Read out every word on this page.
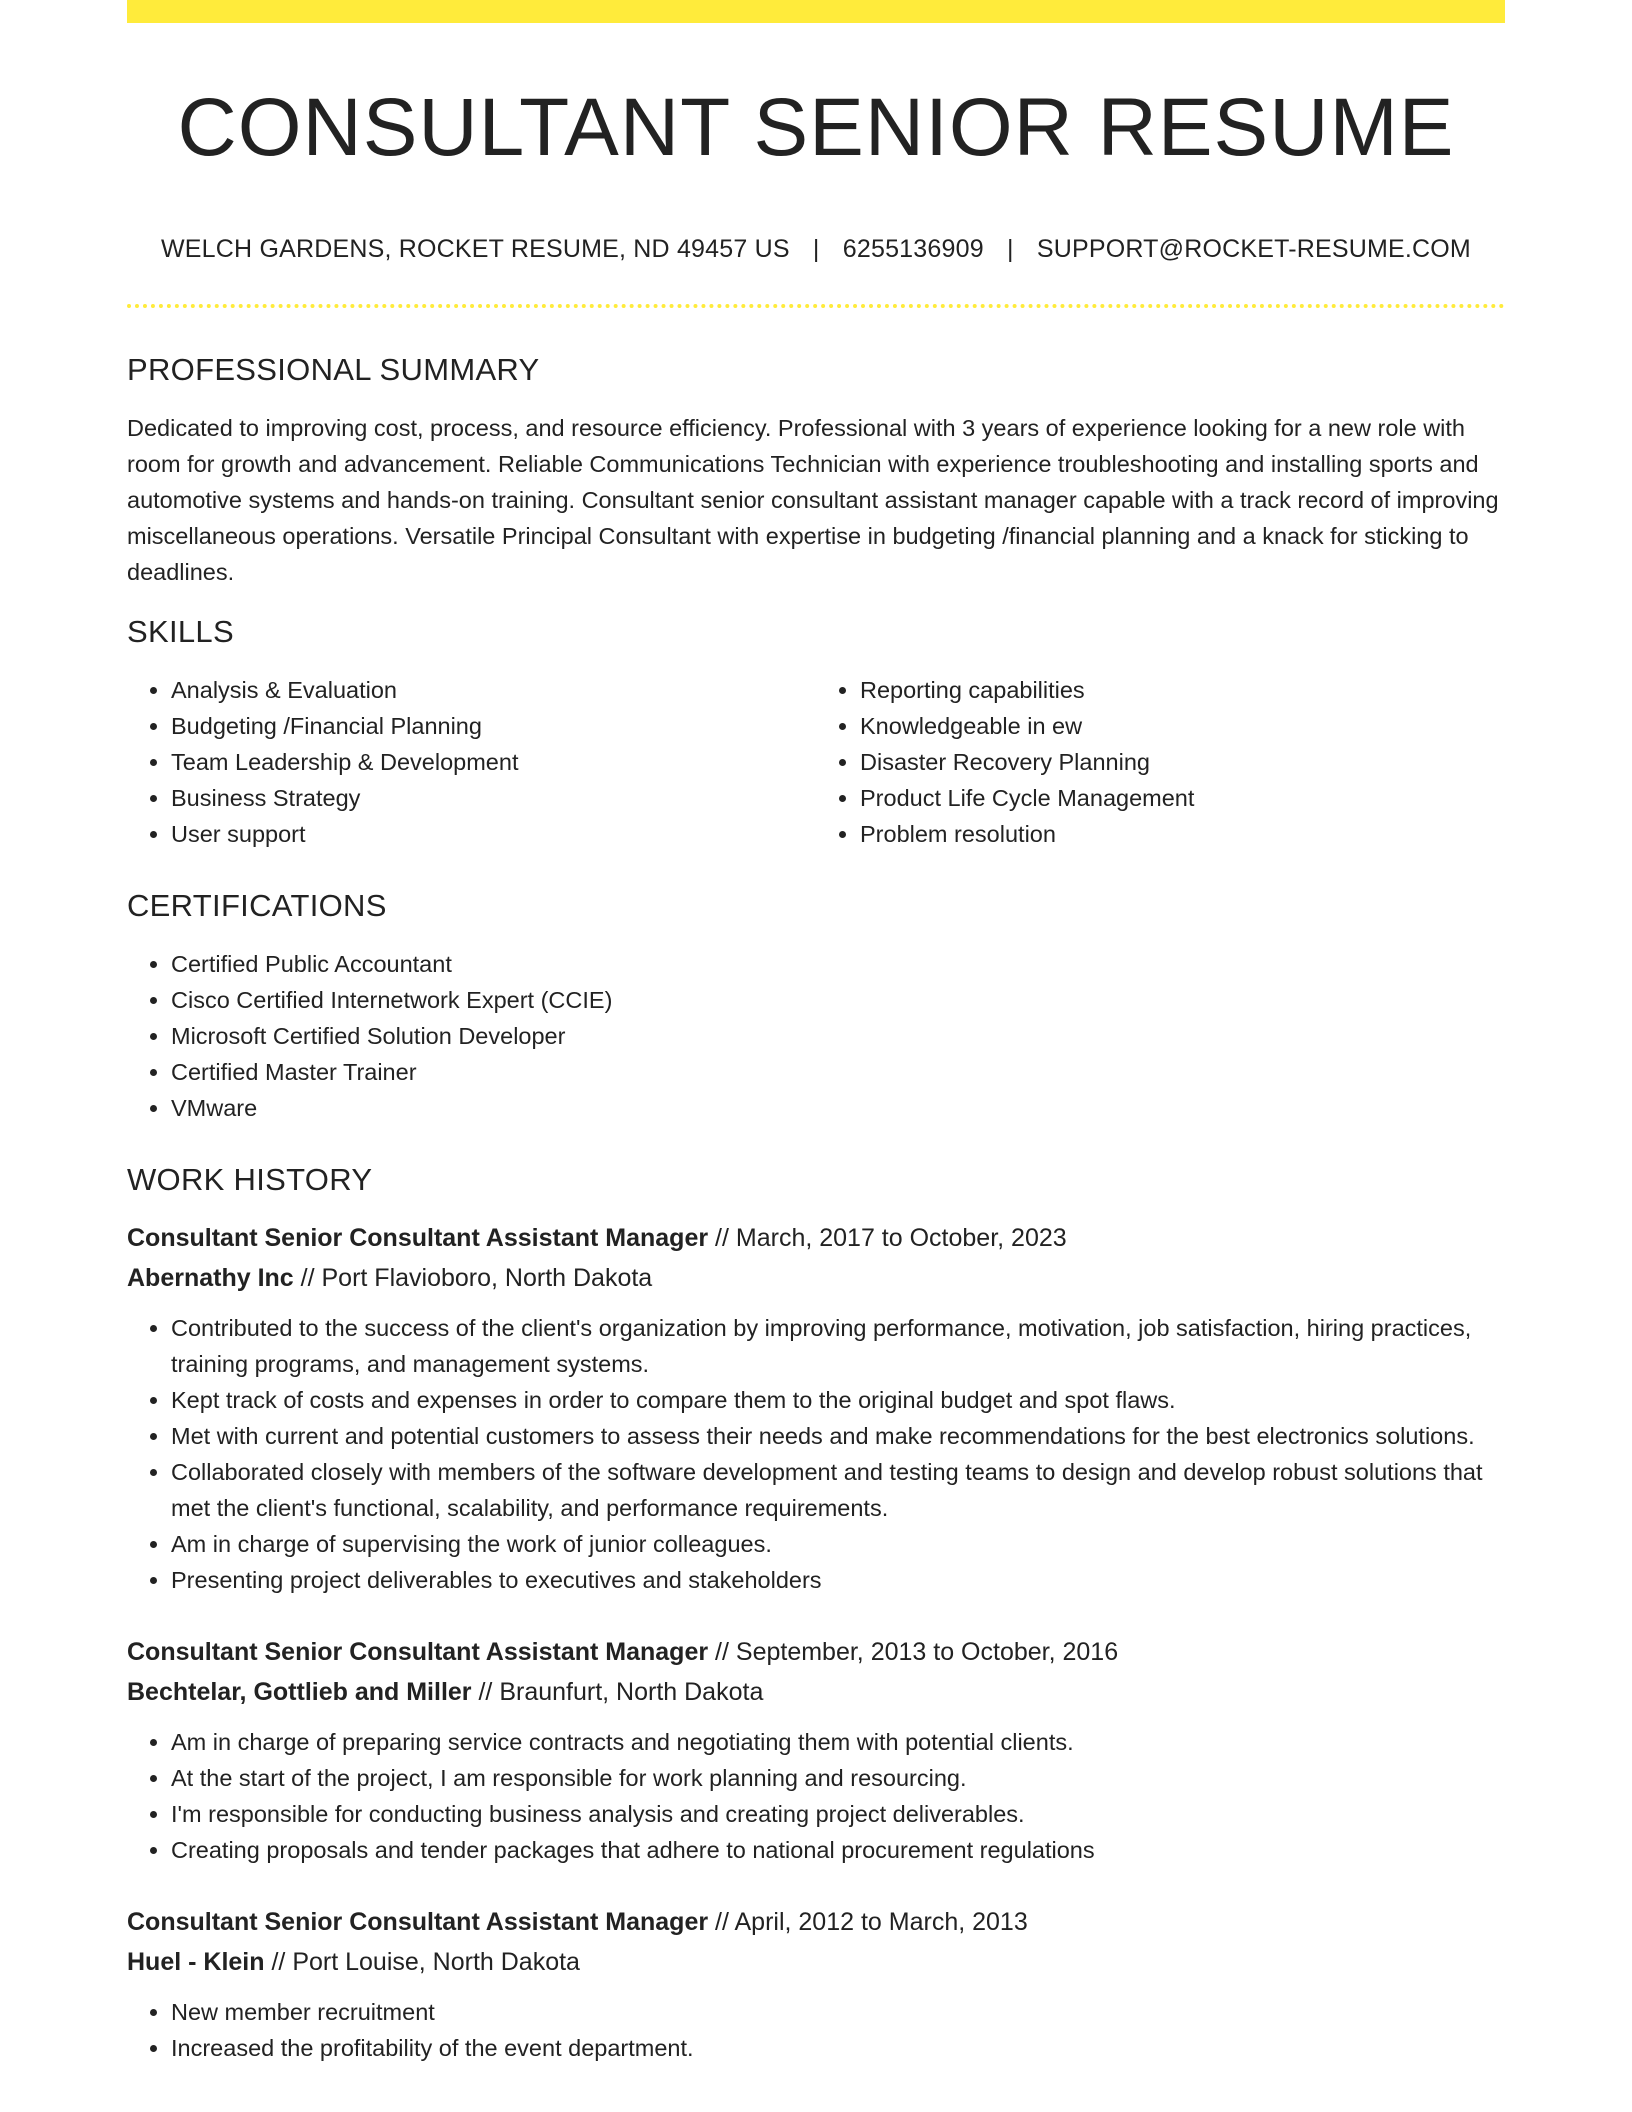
CONSULTANT SENIOR RESUME
WELCH GARDENS, ROCKET RESUME, ND 49457 US | 6255136909 | SUPPORT@ROCKET-RESUME.COM
PROFESSIONAL SUMMARY

Dedicated to improving cost, process, and resource efficiency. Professional with 3 years of experience looking for a new role with room for growth and advancement. Reliable Communications Technician with experience troubleshooting and installing sports and automotive systems and hands-on training. Consultant senior consultant assistant manager capable with a track record of improving miscellaneous operations. Versatile Principal Consultant with expertise in budgeting /financial planning and a knack for sticking to deadlines.

SKILLS
• Analysis & Evaluation
• Budgeting /Financial Planning
• Team Leadership & Development
• Business Strategy
• User support
• Reporting capabilities
• Knowledgeable in ew
• Disaster Recovery Planning
• Product Life Cycle Management
• Problem resolution
CERTIFICATIONS
• Certified Public Accountant
• Cisco Certified Internetwork Expert (CCIE)
• Microsoft Certified Solution Developer
• Certified Master Trainer
• VMware
WORK HISTORY
Consultant Senior Consultant Assistant Manager // March, 2017 to October, 2023
Abernathy Inc // Port Flavioboro, North Dakota
• Contributed to the success of the client's organization by improving performance, motivation, job satisfaction, hiring practices, training programs, and management systems.
• Kept track of costs and expenses in order to compare them to the original budget and spot flaws.
• Met with current and potential customers to assess their needs and make recommendations for the best electronics solutions.
• Collaborated closely with members of the software development and testing teams to design and develop robust solutions that met the client's functional, scalability, and performance requirements.
• Am in charge of supervising the work of junior colleagues.
• Presenting project deliverables to executives and stakeholders
Consultant Senior Consultant Assistant Manager // September, 2013 to October, 2016
Bechtelar, Gottlieb and Miller // Braunfurt, North Dakota
• Am in charge of preparing service contracts and negotiating them with potential clients.
• At the start of the project, I am responsible for work planning and resourcing.
• I'm responsible for conducting business analysis and creating project deliverables.
• Creating proposals and tender packages that adhere to national procurement regulations
Consultant Senior Consultant Assistant Manager // April, 2012 to March, 2013
Huel - Klein // Port Louise, North Dakota
• New member recruitment
• Increased the profitability of the event department.
